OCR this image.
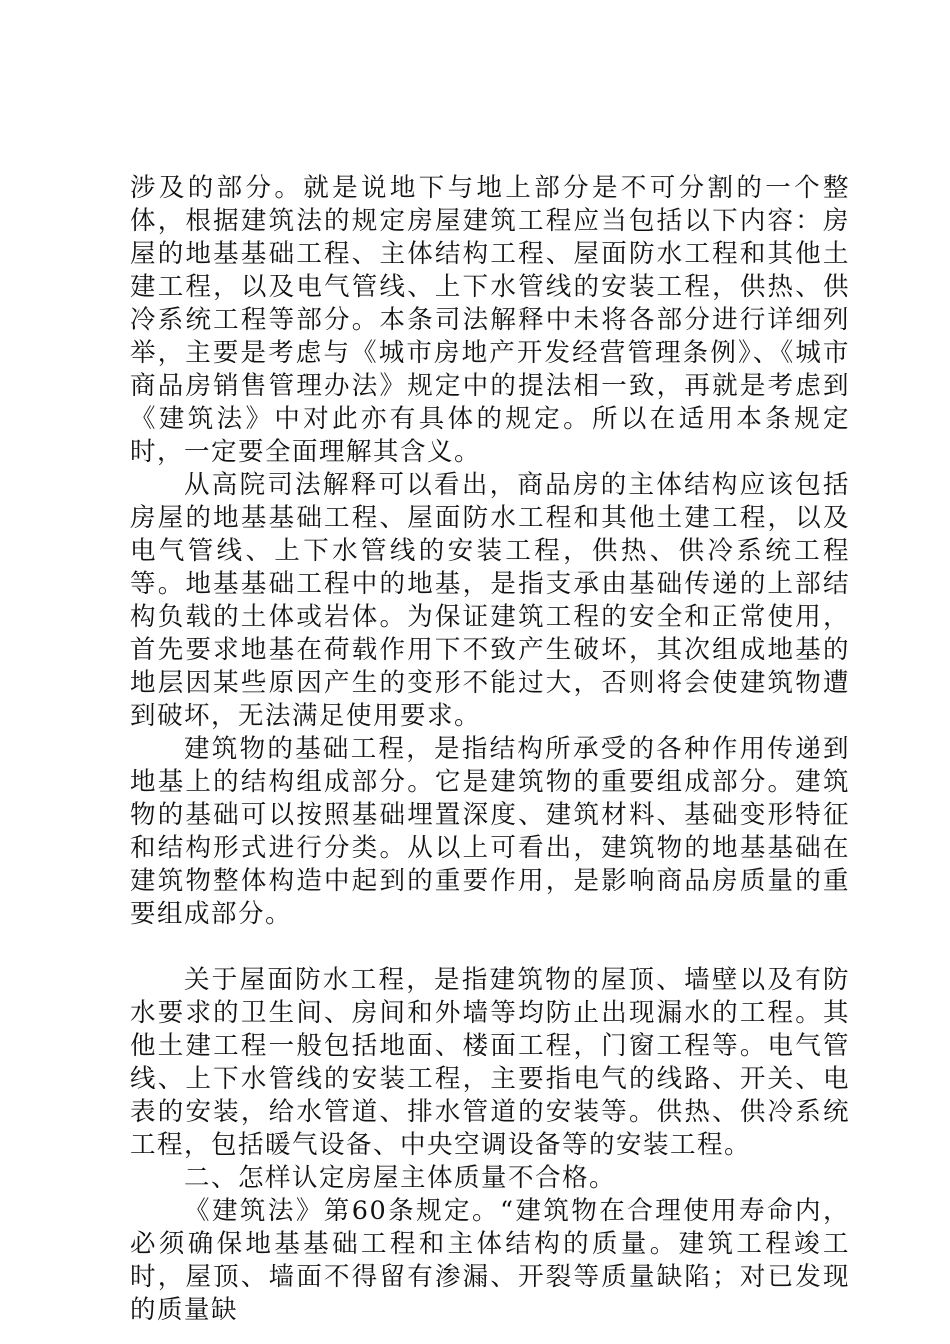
涉及的部分。就是说地下与地上部分是不可分割的一个整体，根据建筑法的规定房屋建筑工程应当包括以下内容：房屋的地基基础工程、主体结构工程、屋面防水工程和其他土建工程，以及电气管线、上下水管线的安装工程，供热、供冷系统工程等部分。本条司法解释中未将各部分进行详细列举，主要是考虑与《城市房地产开发经营管理条例》、《城市商品房销售管理办法》规定中的提法相一致，再就是考虑到《建筑法》中对此亦有具体的规定。所以在适用本条规定时，一定要全面理解其含义。

从高院司法解释可以看出，商品房的主体结构应该包括房屋的地基基础工程、屋面防水工程和其他土建工程，以及电气管线、上下水管线的安装工程，供热、供冷系统工程等。地基基础工程中的地基，是指支承由基础传递的上部结构负载的土体或岩体。为保证建筑工程的安全和正常使用，首先要求地基在荷载作用下不致产生破坏，其次组成地基的地层因某些原因产生的变形不能过大，否则将会使建筑物遭到破坏，无法满足使用要求。

建筑物的基础工程，是指结构所承受的各种作用传递到地基上的结构组成部分。它是建筑物的重要组成部分。建筑物的基础可以按照基础埋置深度、建筑材料、基础变形特征和结构形式进行分类。从以上可看出，建筑物的地基基础在建筑物整体构造中起到的重要作用，是影响商品房质量的重要组成部分。

关于屋面防水工程，是指建筑物的屋顶、墙壁以及有防水要求的卫生间、房间和外墙等均防止出现漏水的工程。其他土建工程一般包括地面、楼面工程，门窗工程等。电气管线、上下水管线的安装工程，主要指电气的线路、开关、电表的安装，给水管道、排水管道的安装等。供热、供冷系统工程，包括暖气设备、中央空调设备等的安装工程。

二、怎样认定房屋主体质量不合格。

《建筑法》第60条规定。“建筑物在合理使用寿命内，必须确保地基基础工程和主体结构的质量。建筑工程竣工时，屋顶、墙面不得留有渗漏、开裂等质量缺陷；对已发现的质量缺
